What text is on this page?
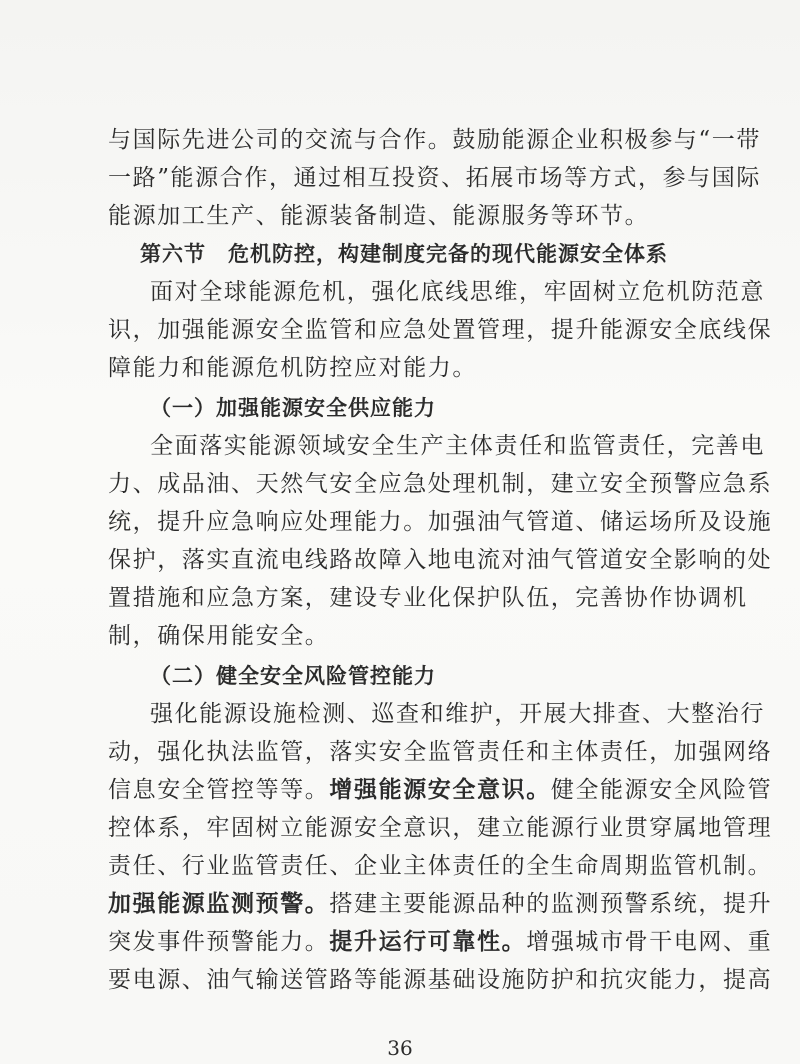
与国际先进公司的交流与合作。鼓励能源企业积极参与“一带
一路”能源合作，通过相互投资、拓展市场等方式，参与国际
能源加工生产、能源装备制造、能源服务等环节。
第六节　危机防控，构建制度完备的现代能源安全体系
面对全球能源危机，强化底线思维，牢固树立危机防范意
识，加强能源安全监管和应急处置管理，提升能源安全底线保
障能力和能源危机防控应对能力。
（一）加强能源安全供应能力
全面落实能源领域安全生产主体责任和监管责任，完善电
力、成品油、天然气安全应急处理机制，建立安全预警应急系
统，提升应急响应处理能力。加强油气管道、储运场所及设施
保护，落实直流电线路故障入地电流对油气管道安全影响的处
置措施和应急方案，建设专业化保护队伍，完善协作协调机
制，确保用能安全。
（二）健全安全风险管控能力
强化能源设施检测、巡查和维护，开展大排查、大整治行
动，强化执法监管，落实安全监管责任和主体责任，加强网络
信息安全管控等等。增强能源安全意识。健全能源安全风险管
控体系，牢固树立能源安全意识，建立能源行业贯穿属地管理
责任、行业监管责任、企业主体责任的全生命周期监管机制。
加强能源监测预警。搭建主要能源品种的监测预警系统，提升
突发事件预警能力。提升运行可靠性。增强城市骨干电网、重
要电源、油气输送管路等能源基础设施防护和抗灾能力，提高
36
